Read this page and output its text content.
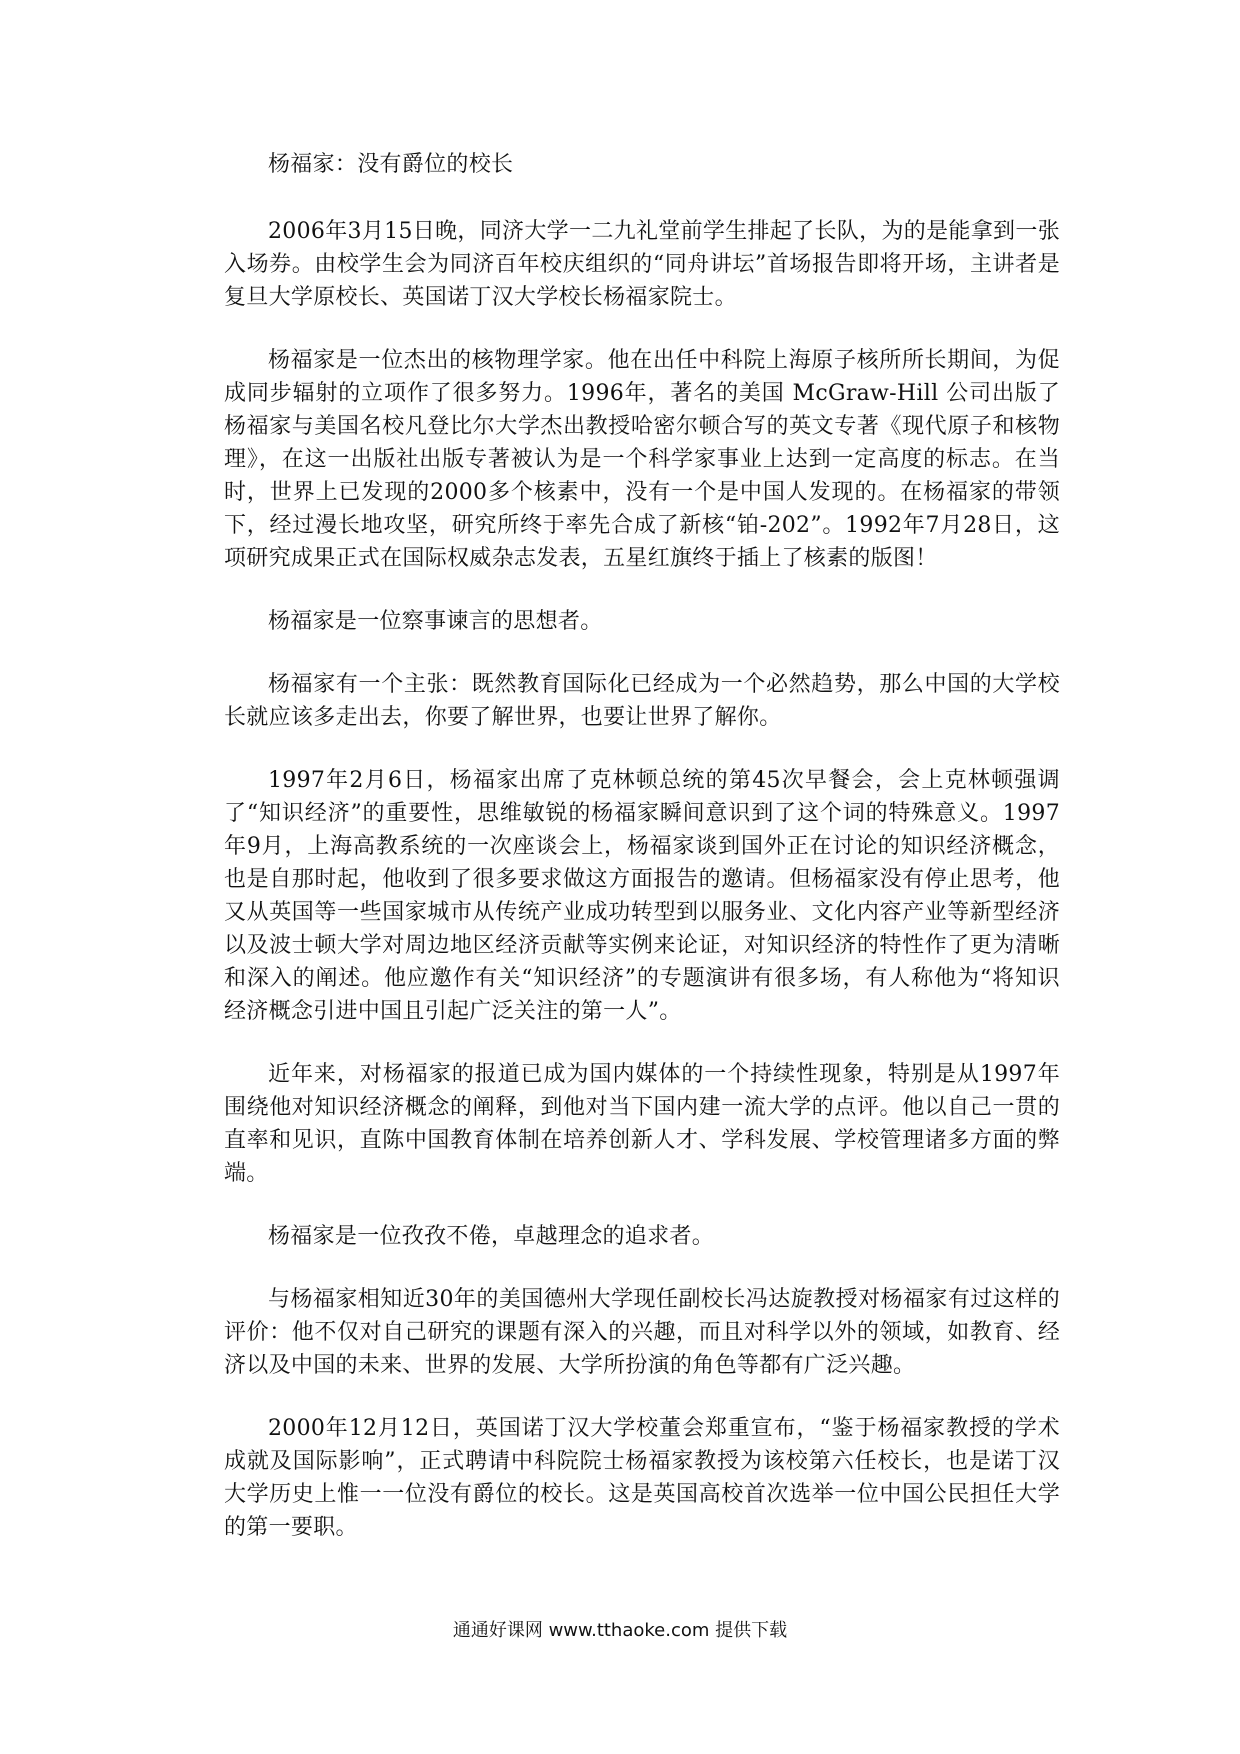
杨福家：没有爵位的校长

2006年3月15日晚，同济大学一二九礼堂前学生排起了长队，为的是能拿到一张入场券。由校学生会为同济百年校庆组织的“同舟讲坛”首场报告即将开场，主讲者是复旦大学原校长、英国诺丁汉大学校长杨福家院士。

杨福家是一位杰出的核物理学家。他在出任中科院上海原子核所所长期间，为促成同步辐射的立项作了很多努力。1996年，著名的美国 McGraw-Hill 公司出版了杨福家与美国名校凡登比尔大学杰出教授哈密尔顿合写的英文专著《现代原子和核物理》，在这一出版社出版专著被认为是一个科学家事业上达到一定高度的标志。在当时，世界上已发现的2000多个核素中，没有一个是中国人发现的。在杨福家的带领下，经过漫长地攻坚，研究所终于率先合成了新核“铂-202”。1992年7月28日，这项研究成果正式在国际权威杂志发表，五星红旗终于插上了核素的版图！

杨福家是一位察事谏言的思想者。

杨福家有一个主张：既然教育国际化已经成为一个必然趋势，那么中国的大学校长就应该多走出去，你要了解世界，也要让世界了解你。

1997年2月6日，杨福家出席了克林顿总统的第45次早餐会，会上克林顿强调了“知识经济”的重要性，思维敏锐的杨福家瞬间意识到了这个词的特殊意义。1997年9月，上海高教系统的一次座谈会上，杨福家谈到国外正在讨论的知识经济概念，也是自那时起，他收到了很多要求做这方面报告的邀请。但杨福家没有停止思考，他又从英国等一些国家城市从传统产业成功转型到以服务业、文化内容产业等新型经济以及波士顿大学对周边地区经济贡献等实例来论证，对知识经济的特性作了更为清晰和深入的阐述。他应邀作有关“知识经济”的专题演讲有很多场，有人称他为“将知识经济概念引进中国且引起广泛关注的第一人”。

近年来，对杨福家的报道已成为国内媒体的一个持续性现象，特别是从1997年围绕他对知识经济概念的阐释，到他对当下国内建一流大学的点评。他以自己一贯的直率和见识，直陈中国教育体制在培养创新人才、学科发展、学校管理诸多方面的弊端。

杨福家是一位孜孜不倦，卓越理念的追求者。

与杨福家相知近30年的美国德州大学现任副校长冯达旋教授对杨福家有过这样的评价：他不仅对自己研究的课题有深入的兴趣，而且对科学以外的领域，如教育、经济以及中国的未来、世界的发展、大学所扮演的角色等都有广泛兴趣。

2000年12月12日，英国诺丁汉大学校董会郑重宣布，“鉴于杨福家教授的学术成就及国际影响”，正式聘请中科院院士杨福家教授为该校第六任校长，也是诺丁汉大学历史上惟一一位没有爵位的校长。这是英国高校首次选举一位中国公民担任大学的第一要职。

通通好课网 www.tthaoke.com 提供下载
